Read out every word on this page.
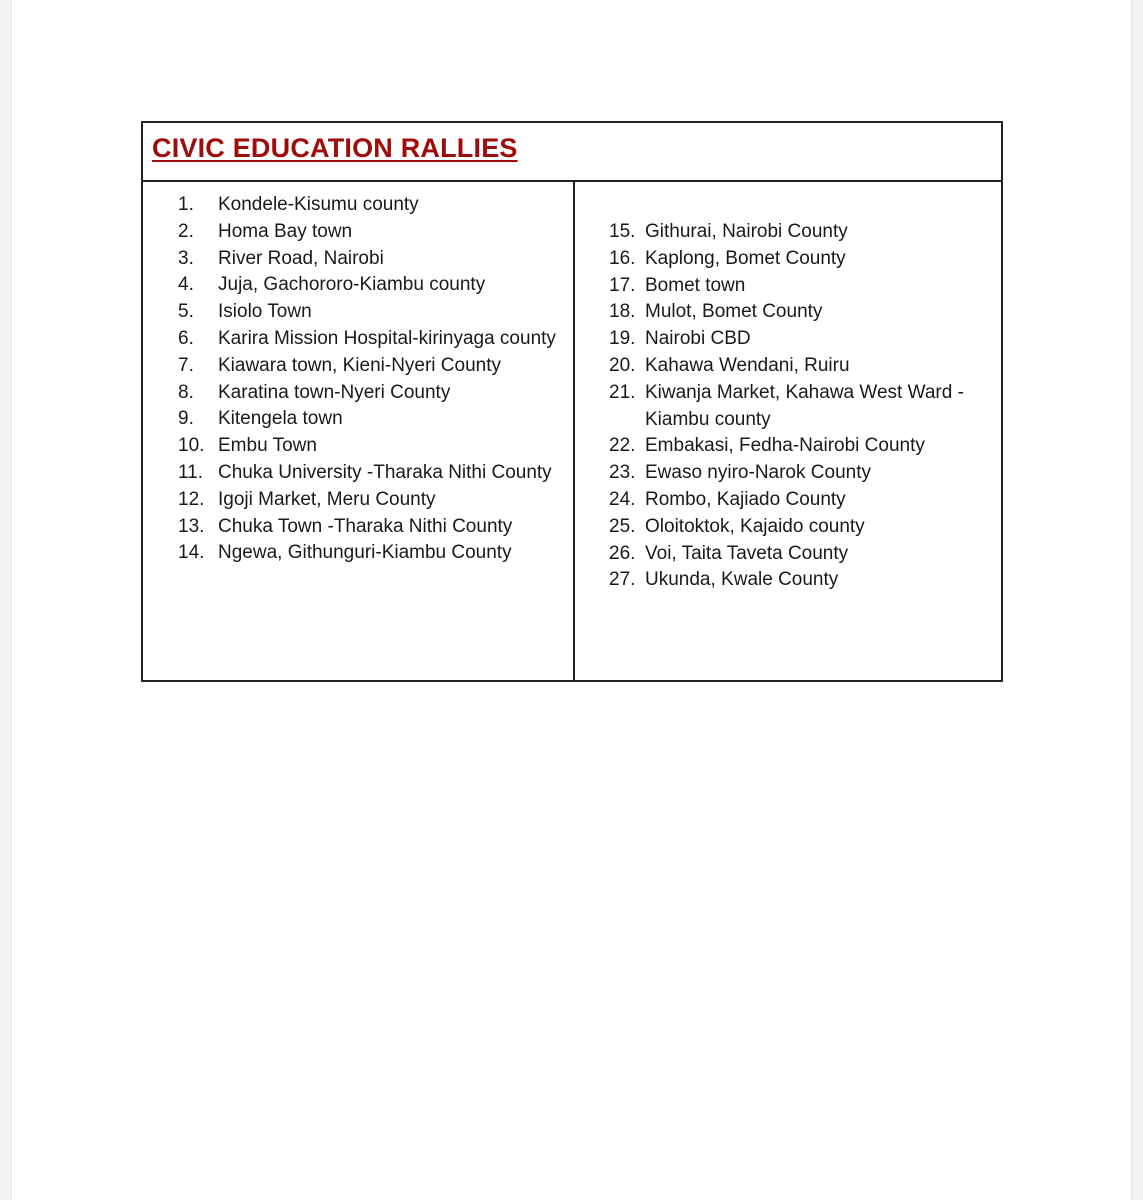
CIVIC EDUCATION RALLIES
1.	Kondele-Kisumu county
2.	Homa Bay town
3.	River Road, Nairobi
4.	Juja, Gachororo-Kiambu county
5.	Isiolo Town
6.	Karira Mission Hospital-kirinyaga county
7.	Kiawara town, Kieni-Nyeri County
8.	Karatina town-Nyeri County
9.	Kitengela town
10. Embu Town
11. Chuka University -Tharaka Nithi County
12. Igoji Market, Meru County
13. Chuka Town -Tharaka Nithi County
14. Ngewa, Githunguri-Kiambu County
15. Githurai, Nairobi County
16. Kaplong, Bomet County
17. Bomet town
18. Mulot, Bomet County
19. Nairobi CBD
20. Kahawa Wendani, Ruiru
21. Kiwanja Market, Kahawa West Ward -Kiambu county
22. Embakasi, Fedha-Nairobi County
23. Ewaso nyiro-Narok County
24. Rombo, Kajiado County
25. Oloitoktok, Kajaido county
26. Voi, Taita Taveta County
27. Ukunda, Kwale County
